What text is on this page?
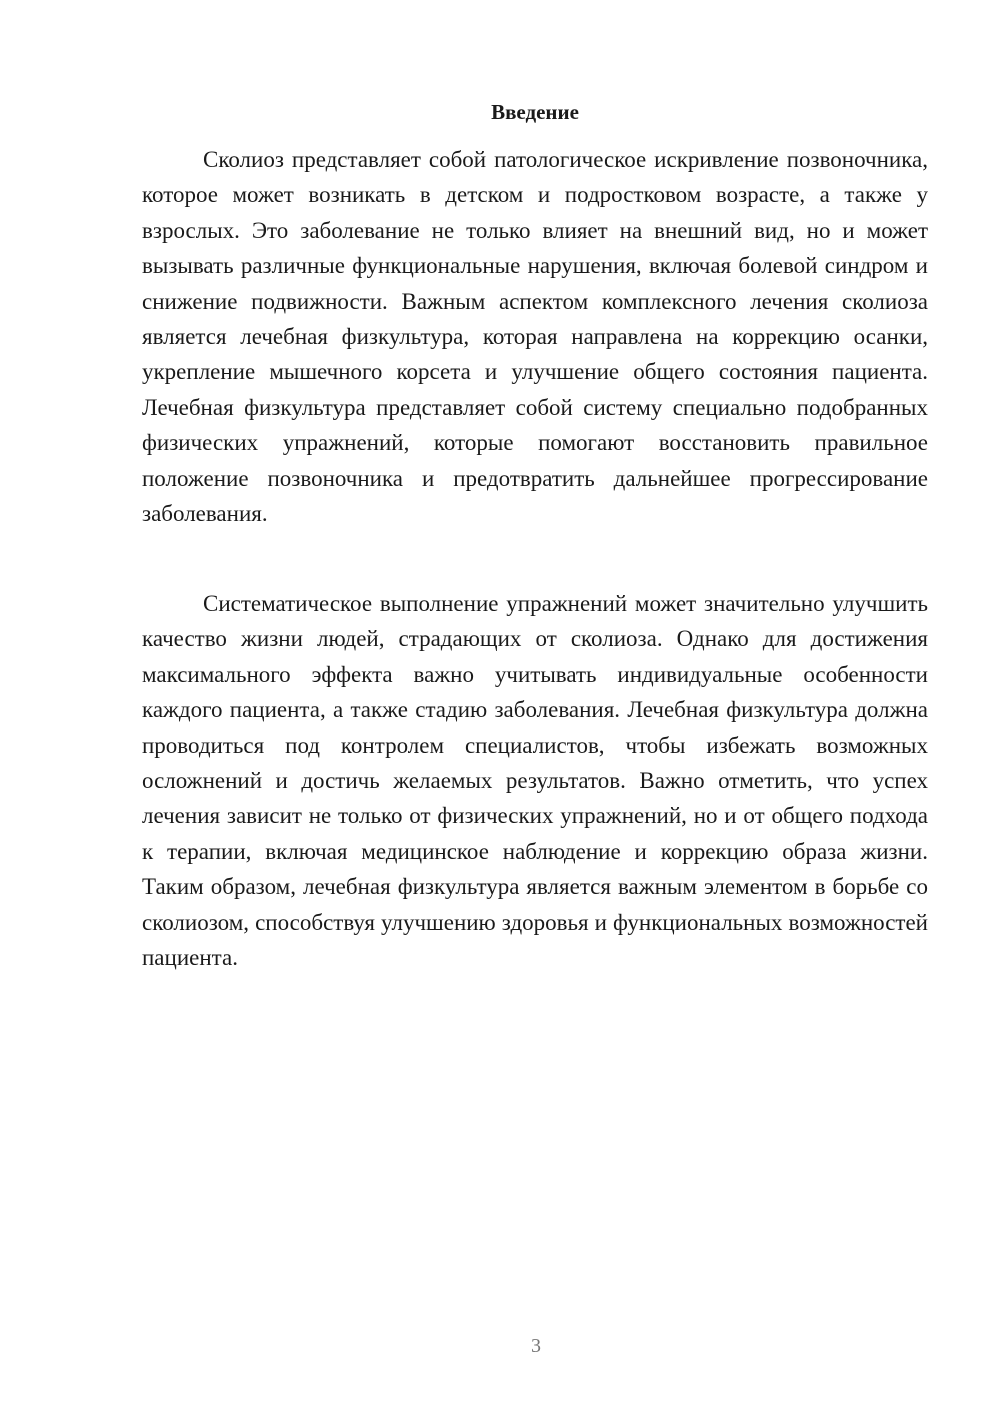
Введение

Сколиоз представляет собой патологическое искривление позвоночника, которое может возникать в детском и подростковом возрасте, а также у взрослых. Это заболевание не только влияет на внешний вид, но и может вызывать различные функциональные нарушения, включая болевой синдром и снижение подвижности. Важным аспектом комплексного лечения сколиоза является лечебная физкультура, которая направлена на коррекцию осанки, укрепление мышечного корсета и улучшение общего состояния пациента. Лечебная физкультура представляет собой систему специально подобранных физических упражнений, которые помогают восстановить правильное положение позвоночника и предотвратить дальнейшее прогрессирование заболевания.

Систематическое выполнение упражнений может значительно улучшить качество жизни людей, страдающих от сколиоза. Однако для достижения максимального эффекта важно учитывать индивидуальные особенности каждого пациента, а также стадию заболевания. Лечебная физкультура должна проводиться под контролем специалистов, чтобы избежать возможных осложнений и достичь желаемых результатов. Важно отметить, что успех лечения зависит не только от физических упражнений, но и от общего подхода к терапии, включая медицинское наблюдение и коррекцию образа жизни. Таким образом, лечебная физкультура является важным элементом в борьбе со сколиозом, способствуя улучшению здоровья и функциональных возможностей пациента.

3
